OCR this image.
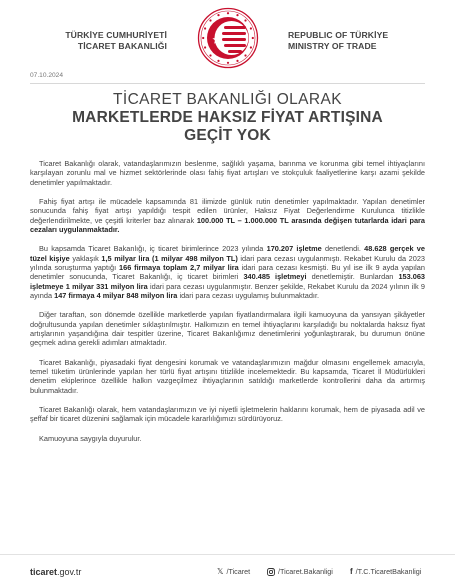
TÜRKİYE CUMHURİYETİ
TİCARET BAKANLIĞI
REPUBLIC OF TÜRKİYE
MINISTRY OF TRADE
07.10.2024
TİCARET BAKANLIĞI OLARAK
MARKETLERDE HAKSIZ FİYAT ARTIŞINA
GEÇİT YOK

Ticaret Bakanlığı olarak, vatandaşlarımızın beslenme, sağlıklı yaşama, barınma ve korunma gibi temel ihtiyaçlarını karşılayan zorunlu mal ve hizmet sektörlerinde olası fahiş fiyat artışları ve stokçuluk faaliyetlerine karşı azami şekilde denetimler yapılmaktadır.

Fahiş fiyat artışı ile mücadele kapsamında 81 ilimizde günlük rutin denetimler yapılmaktadır. Yapılan denetimler sonucunda fahiş fiyat artışı yapıldığı tespit edilen ürünler, Haksız Fiyat Değerlendirme Kurulunca titizlikle değerlendirilmekte, ve çeşitli kriterler baz alınarak 100.000 TL – 1.000.000 TL arasında değişen tutarlarda idari para cezaları uygulanmaktadır.

Bu kapsamda Ticaret Bakanlığı, iç ticaret birimlerince 2023 yılında 170.207 işletme denetlendi. 48.628 gerçek ve tüzel kişiye yaklaşık 1,5 milyar lira (1 milyar 498 milyon TL) idari para cezası uygulanmıştı. Rekabet Kurulu da 2023 yılında soruşturma yaptığı 166 firmaya toplam 2,7 milyar lira idari para cezası kesmişti. Bu yıl ise ilk 9 ayda yapılan denetimler sonucunda, Ticaret Bakanlığı, iç ticaret birimleri 340.485 işletmeyi denetlemiştir. Bunlardan 153.063 işletmeye 1 milyar 331 milyon lira idari para cezası uygulanmıştır. Benzer şekilde, Rekabet Kurulu da 2024 yılının ilk 9 ayında 147 firmaya 4 milyar 848 milyon lira idari para cezası uygulamış bulunmaktadır.

Diğer taraftan, son dönemde özellikle marketlerde yapılan fiyatlandırmalara ilgili kamuoyuna da yansıyan şikâyetler doğrultusunda yapılan denetimler sıklaştırılmıştır. Halkımızın en temel ihtiyaçlarını karşıladığı bu noktalarda haksız fiyat artışlarının yaşandığına dair tespitler üzerine, Ticaret Bakanlığımız denetimlerini yoğunlaştırarak, bu durumun önüne geçmek adına gerekli adımları atmaktadır.

Ticaret Bakanlığı, piyasadaki fiyat dengesini korumak ve vatandaşlarımızın mağdur olmasını engellemek amacıyla, temel tüketim ürünlerinde yapılan her türlü fiyat artışını titizlikle incelemektedir. Bu kapsamda, Ticaret İl Müdürlükleri denetim ekiplerince özellikle halkın vazgeçilmez ihtiyaçlarının satıldığı marketlerde kontrollerini daha da artırmış bulunmaktadır.

Ticaret Bakanlığı olarak, hem vatandaşlarımızın ve iyi niyetli işletmelerin haklarını korumak, hem de piyasada adil ve şeffaf bir ticaret düzenini sağlamak için mücadele kararlılığımızı sürdürüyoruz.

Kamuoyuna saygıyla duyurulur.

ticaret.gov.tr	𝕏 /Ticaret	/Ticaret.Bakanligi f /T.C.TicaretBakanligi
